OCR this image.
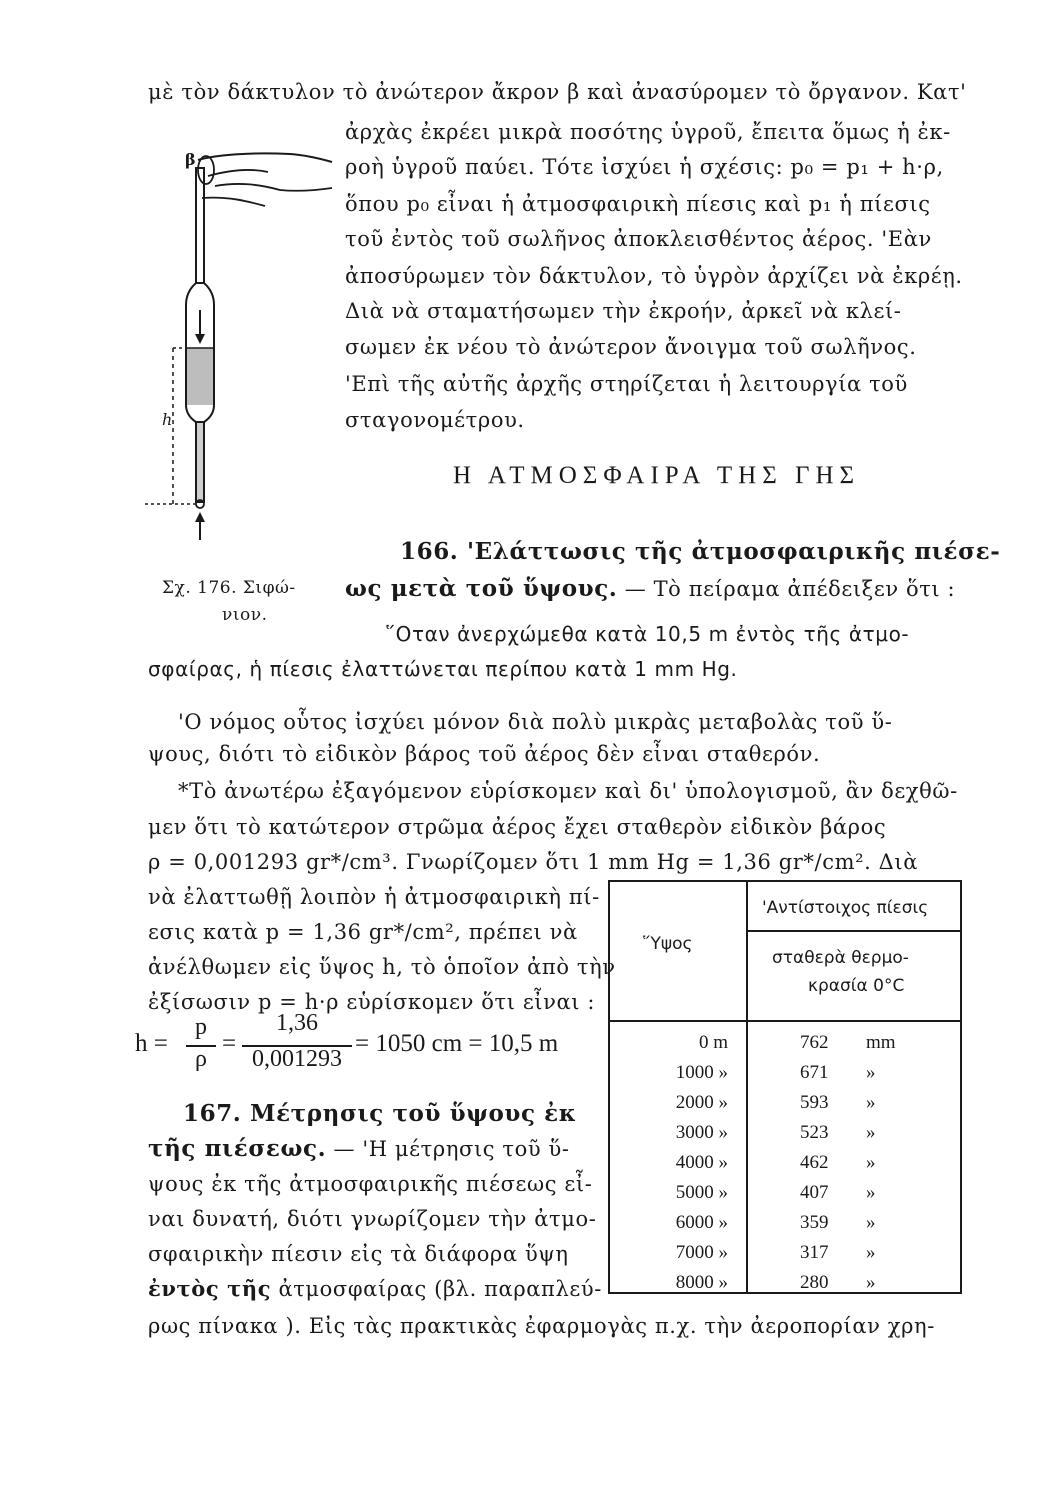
μὲ τὸν δάκτυλον τὸ ἀνώτερον ἄκρον β καὶ ἀνασύρομεν τὸ ὄργανον. Κατ'
ἀρχὰς ἐκρέει μικρὰ ποσότης ὑγροῦ, ἔπειτα ὅμως ἡ ἐκ-
ροὴ ὑγροῦ παύει. Τότε ἰσχύει ἡ σχέσις: p₀ = p₁ + h·ρ,
ὅπου p₀ εἶναι ἡ ἀτμοσφαιρικὴ πίεσις καὶ p₁ ἡ πίεσις
τοῦ ἐντὸς τοῦ σωλῆνος ἀποκλεισθέντος ἀέρος. 'Εὰν
ἀποσύρωμεν τὸν δάκτυλον, τὸ ὑγρὸν ἀρχίζει νὰ ἐκρέῃ.
Διὰ νὰ σταματήσωμεν τὴν ἐκροήν, ἀρκεῖ νὰ κλεί-
σωμεν ἐκ νέου τὸ ἀνώτερον ἄνοιγμα τοῦ σωλῆνος.
'Επὶ τῆς αὐτῆς ἀρχῆς στηρίζεται ἡ λειτουργία τοῦ
σταγονομέτρου.
β
h
Σχ. 176. Σιφώ-
νιον.
Η ΑΤΜΟΣΦΑΙΡΑ ΤΗΣ ΓΗΣ
166. 'Ελάττωσις τῆς ἀτμοσφαιρικῆς πιέσε-
ως μετὰ τοῦ ὕψους. — Τὸ πείραμα ἀπέδειξεν ὅτι :
῞Οταν ἀνερχώμεθα κατὰ 10,5 m ἐντὸς τῆς ἀτμο-
σφαίρας, ἡ πίεσις ἐλαττώνεται περίπου κατὰ 1 mm Hg.
'Ο νόμος οὗτος ἰσχύει μόνον διὰ πολὺ μικρὰς μεταβολὰς τοῦ ὕ-
ψους, διότι τὸ εἰδικὸν βάρος τοῦ ἀέρος δὲν εἶναι σταθερόν.
*Τὸ ἀνωτέρω ἐξαγόμενον εὑρίσκομεν καὶ δι' ὑπολογισμοῦ, ἂν δεχθῶ-
μεν ὅτι τὸ κατώτερον στρῶμα ἀέρος ἔχει σταθερὸν εἰδικὸν βάρος
ρ = 0,001293 gr*/cm³. Γνωρίζομεν ὅτι 1 mm Hg = 1,36 gr*/cm². Διὰ
νὰ ἐλαττωθῇ λοιπὸν ἡ ἀτμοσφαιρικὴ πί-
εσις κατὰ p = 1,36 gr*/cm², πρέπει νὰ
ἀνέλθωμεν εἰς ὕψος h, τὸ ὁποῖον ἀπὸ τὴν
ἐξίσωσιν p = h·ρ εὑρίσκομεν ὅτι εἶναι :
h =
p
ρ
=
1,36
0,001293
= 1050 cm = 10,5 m
167. Μέτρησις τοῦ ὕψους ἐκ
τῆς πιέσεως. — 'Η μέτρησις τοῦ ὕ-
ψους ἐκ τῆς ἀτμοσφαιρικῆς πιέσεως εἶ-
ναι δυνατή, διότι γνωρίζομεν τὴν ἀτμο-
σφαιρικὴν πίεσιν εἰς τὰ διάφορα ὕψη
ἐντὸς τῆς ἀτμοσφαίρας (βλ. παραπλεύ-
ρως πίνακα ). Εἰς τὰς πρακτικὰς ἐφαρμογὰς π.χ. τὴν ἀεροπορίαν χρη-
῞Υψος
'Αντίστοιχος πίεσις
σταθερὰ θερμο-
κρασία 0°C
0 m	762 mm
1000 »	671 »
2000 »	593 »
3000 »	523 »
4000 »	462 »
5000 »	407 »
6000 »	359 »
7000 »	317 »
8000 »	280 »
